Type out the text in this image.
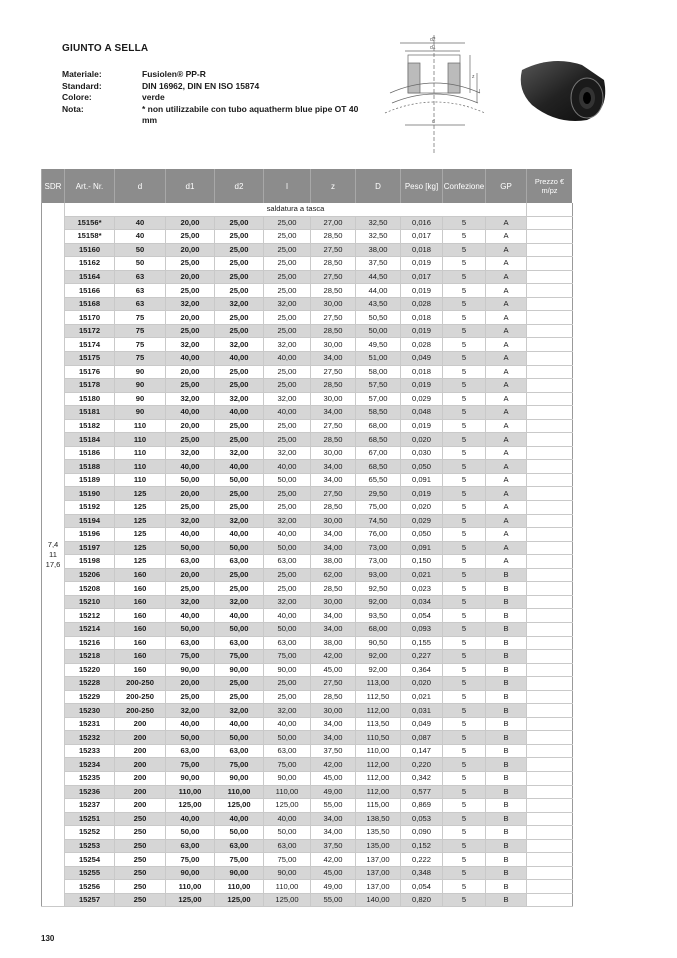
GIUNTO A SELLA
Materiale:	Fusiolen® PP-R
Standard:	DIN 16962, DIN EN ISO 15874
Colore:	verde
Nota:	* non utilizzabile con tubo aquatherm blue pipe OT 40 mm
d2
d1
d
z
l
SDR	Art.- Nr.	d	d1	d2	l	z	D	Peso [kg]	Confezione	GP	Prezzo € m/pz
7,4
11
17,6	saldatura a tasca										
	15156*	40	20,00	25,00	25,00	27,00	32,50	0,016	5	A	
	15158*	40	25,00	25,00	25,00	28,50	32,50	0,017	5	A	
	15160	50	20,00	25,00	25,00	27,50	38,00	0,018	5	A	
	15162	50	25,00	25,00	25,00	28,50	37,50	0,019	5	A	
	15164	63	20,00	25,00	25,00	27,50	44,50	0,017	5	A	
	15166	63	25,00	25,00	25,00	28,50	44,00	0,019	5	A	
	15168	63	32,00	32,00	32,00	30,00	43,50	0,028	5	A	
	15170	75	20,00	25,00	25,00	27,50	50,50	0,018	5	A	
	15172	75	25,00	25,00	25,00	28,50	50,00	0,019	5	A	
	15174	75	32,00	32,00	32,00	30,00	49,50	0,028	5	A	
	15175	75	40,00	40,00	40,00	34,00	51,00	0,049	5	A	
	15176	90	20,00	25,00	25,00	27,50	58,00	0,018	5	A	
	15178	90	25,00	25,00	25,00	28,50	57,50	0,019	5	A	
	15180	90	32,00	32,00	32,00	30,00	57,00	0,029	5	A	
	15181	90	40,00	40,00	40,00	34,00	58,50	0,048	5	A	
	15182	110	20,00	25,00	25,00	27,50	68,00	0,019	5	A	
	15184	110	25,00	25,00	25,00	28,50	68,50	0,020	5	A	
	15186	110	32,00	32,00	32,00	30,00	67,00	0,030	5	A	
	15188	110	40,00	40,00	40,00	34,00	68,50	0,050	5	A	
	15189	110	50,00	50,00	50,00	34,00	65,50	0,091	5	A	
	15190	125	20,00	25,00	25,00	27,50	29,50	0,019	5	A	
	15192	125	25,00	25,00	25,00	28,50	75,00	0,020	5	A	
	15194	125	32,00	32,00	32,00	30,00	74,50	0,029	5	A	
	15196	125	40,00	40,00	40,00	34,00	76,00	0,050	5	A	
	15197	125	50,00	50,00	50,00	34,00	73,00	0,091	5	A	
	15198	125	63,00	63,00	63,00	38,00	73,00	0,150	5	A	
	15206	160	20,00	25,00	25,00	62,00	93,00	0,021	5	B	
	15208	160	25,00	25,00	25,00	28,50	92,50	0,023	5	B	
	15210	160	32,00	32,00	32,00	30,00	92,00	0,034	5	B	
	15212	160	40,00	40,00	40,00	34,00	93,50	0,054	5	B	
	15214	160	50,00	50,00	50,00	34,00	68,00	0,093	5	B	
	15216	160	63,00	63,00	63,00	38,00	90,50	0,155	5	B	
	15218	160	75,00	75,00	75,00	42,00	92,00	0,227	5	B	
	15220	160	90,00	90,00	90,00	45,00	92,00	0,364	5	B	
	15228	200-250	20,00	25,00	25,00	27,50	113,00	0,020	5	B	
	15229	200-250	25,00	25,00	25,00	28,50	112,50	0,021	5	B	
	15230	200-250	32,00	32,00	32,00	30,00	112,00	0,031	5	B	
	15231	200	40,00	40,00	40,00	34,00	113,50	0,049	5	B	
	15232	200	50,00	50,00	50,00	34,00	110,50	0,087	5	B	
	15233	200	63,00	63,00	63,00	37,50	110,00	0,147	5	B	
	15234	200	75,00	75,00	75,00	42,00	112,00	0,220	5	B	
	15235	200	90,00	90,00	90,00	45,00	112,00	0,342	5	B	
	15236	200	110,00	110,00	110,00	49,00	112,00	0,577	5	B	
	15237	200	125,00	125,00	125,00	55,00	115,00	0,869	5	B	
	15251	250	40,00	40,00	40,00	34,00	138,50	0,053	5	B	
	15252	250	50,00	50,00	50,00	34,00	135,50	0,090	5	B	
	15253	250	63,00	63,00	63,00	37,50	135,00	0,152	5	B	
	15254	250	75,00	75,00	75,00	42,00	137,00	0,222	5	B	
	15255	250	90,00	90,00	90,00	45,00	137,00	0,348	5	B	
	15256	250	110,00	110,00	110,00	49,00	137,00	0,054	5	B	
	15257	250	125,00	125,00	125,00	55,00	140,00	0,820	5	B	
130
